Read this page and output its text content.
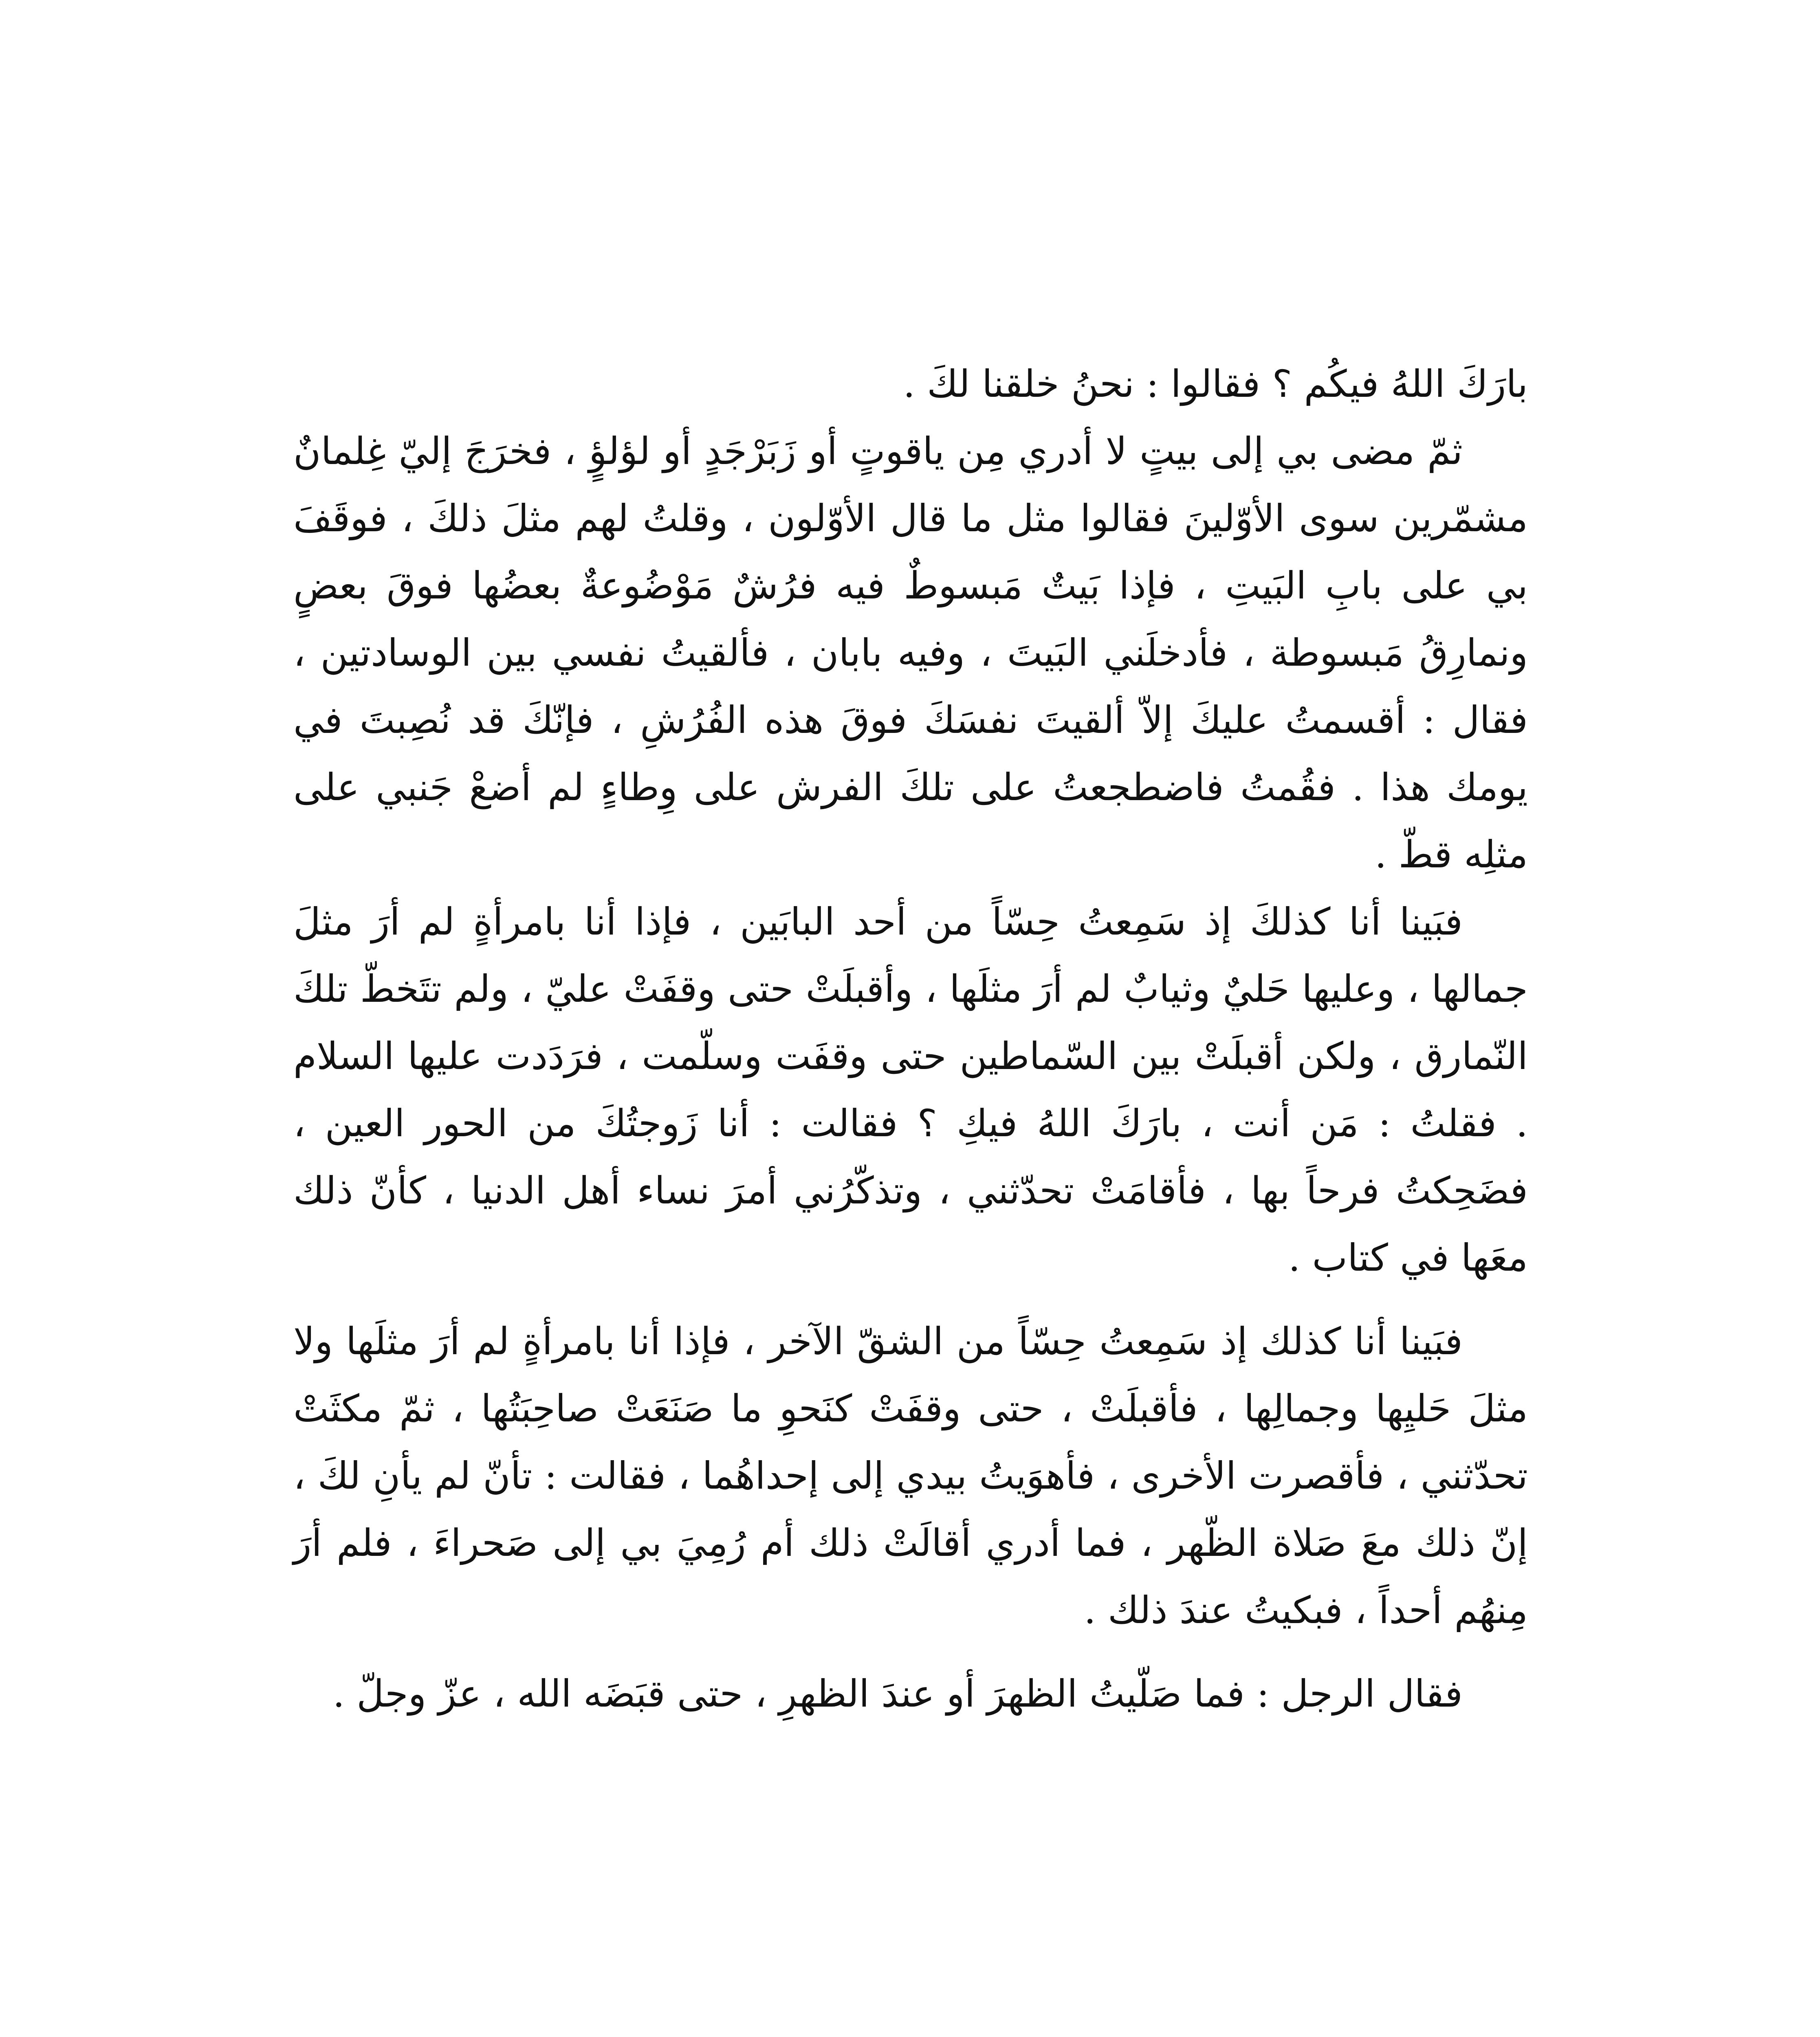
بارَكَ اللهُ فيكُم ؟ فقالوا : نحنُ خلقنا لكَ .

ثمّ مضى بي إلى بيتٍ لا أدري مِن ياقوتٍ أو زَبَرْجَدٍ أو لؤلؤٍ ، فخرَجَ إليّ غِلمانٌ مشمّرين سوى الأوّلينَ فقالوا مثل ما قال الأوّلون ، وقلتُ لهم مثلَ ذلكَ ، فوقَفَ بي على بابِ البَيتِ ، فإذا بَيتٌ مَبسوطٌ فيه فرُشٌ مَوْضُوعةٌ بعضُها فوقَ بعضٍ ونمارِقُ مَبسوطة ، فأدخلَني البَيتَ ، وفيه بابان ، فألقيتُ نفسي بين الوسادتين ، فقال : أقسمتُ عليكَ إلاّ ألقيتَ نفسَكَ فوقَ هذه الفُرُشِ ، فإنّكَ قد نُصِبتَ في يومك هذا . فقُمتُ فاضطجعتُ على تلكَ الفرش على وِطاءٍ لم أضعْ جَنبي على مثلِه قطّ .

فبَينا أنا كذلكَ إذ سَمِعتُ حِسّاً من أحد البابَين ، فإذا أنا بامرأةٍ لم أرَ مثلَ جمالها ، وعليها حَليٌ وثيابٌ لم أرَ مثلَها ، وأقبلَتْ حتى وقفَتْ عليّ ، ولم تتَخطّ تلكَ النّمارق ، ولكن أقبلَتْ بين السّماطين حتى وقفَت وسلّمت ، فرَدَدت عليها السلام . فقلتُ : مَن أنت ، بارَكَ اللهُ فيكِ ؟ فقالت : أنا زَوجتُكَ من الحور العين ، فضَحِكتُ فرحاً بها ، فأقامَتْ تحدّثني ، وتذكّرُني أمرَ نساء أهل الدنيا ، كأنّ ذلك معَها في كتاب .

فبَينا أنا كذلك إذ سَمِعتُ حِسّاً من الشقّ الآخر ، فإذا أنا بامرأةٍ لم أرَ مثلَها ولا مثلَ حَليِها وجمالِها ، فأقبلَتْ ، حتى وقفَتْ كنَحوِ ما صَنَعَتْ صاحِبَتُها ، ثمّ مكثَتْ تحدّثني ، فأقصرت الأخرى ، فأهوَيتُ بيدي إلى إحداهُما ، فقالت : تأنّ لم يأنِ لكَ ، إنّ ذلك معَ صَلاة الظّهر ، فما أدري أقالَتْ ذلك أم رُمِيَ بي إلى صَحراءَ ، فلم أرَ مِنهُم أحداً ، فبكيتُ عندَ ذلك .

فقال الرجل : فما صَلّيتُ الظهرَ أو عندَ الظهرِ ، حتى قبَضَه الله ، عزّ وجلّ .
